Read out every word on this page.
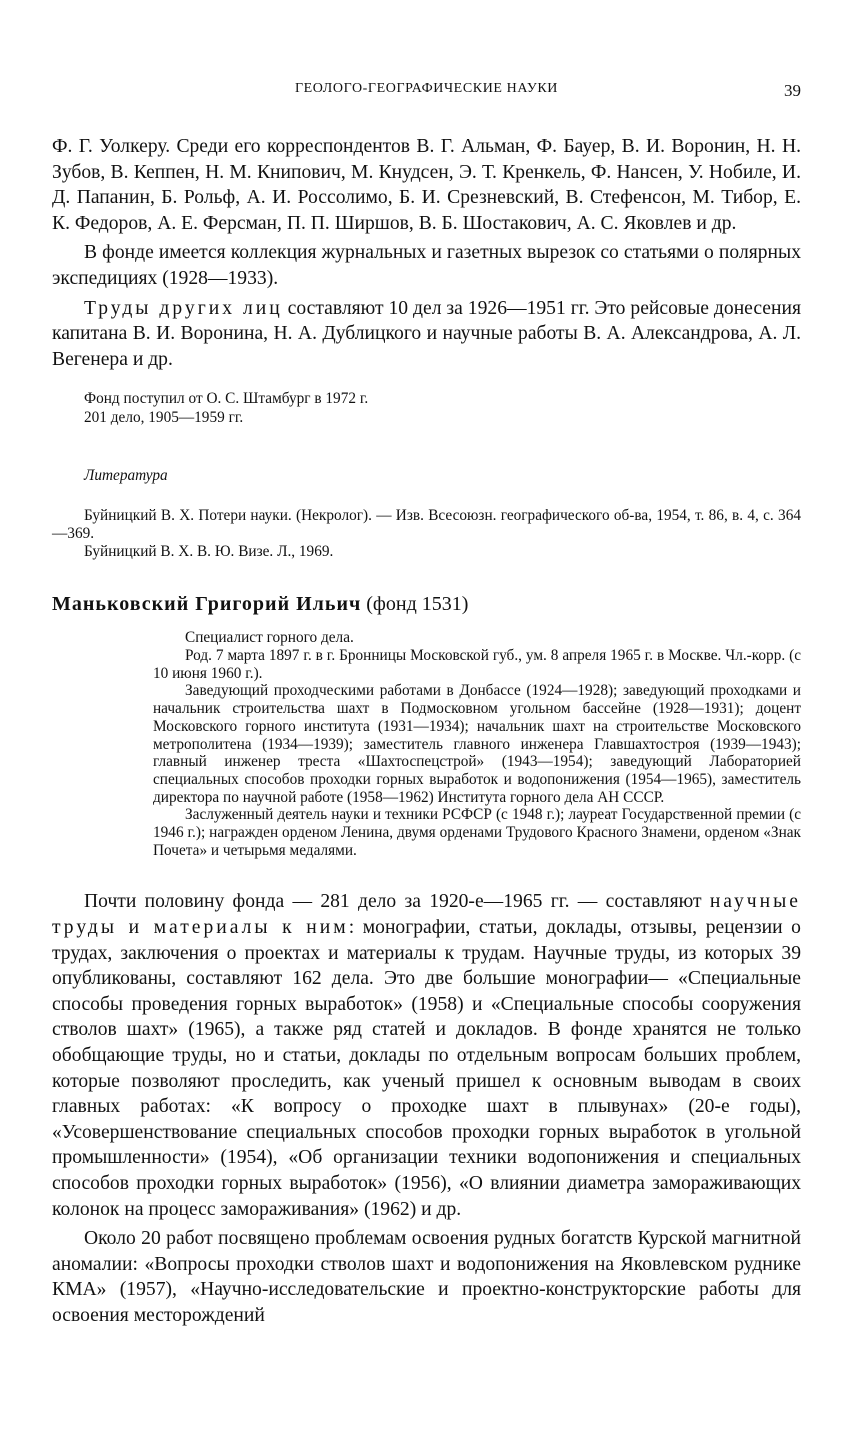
ГЕОЛОГО-ГЕОГРАФИЧЕСКИЕ НАУКИ	39

Ф. Г. Уолкеру. Среди его корреспондентов В. Г. Альман, Ф. Бауер, В. И. Воронин, Н. Н. Зубов, В. Кеппен, Н. М. Книпович, М. Кнудсен, Э. Т. Кренкель, Ф. Нансен, У. Нобиле, И. Д. Папанин, Б. Рольф, А. И. Россолимо, Б. И. Срезневский, В. Стефенсон, М. Тибор, Е. К. Федоров, А. Е. Ферсман, П. П. Ширшов, В. Б. Шостакович, А. С. Яковлев и др.

В фонде имеется коллекция журнальных и газетных вырезок со статьями о полярных экспедициях (1928—1933).

Труды других лиц составляют 10 дел за 1926—1951 гг. Это рейсовые донесения капитана В. И. Воронина, Н. А. Дублицкого и научные работы В. А. Александрова, А. Л. Вегенера и др.

Фонд поступил от О. С. Штамбург в 1972 г.

201 дело, 1905—1959 гг.

Литература

Буйницкий В. Х. Потери науки. (Некролог). — Изв. Всесоюзн. географического об-ва, 1954, т. 86, в. 4, с. 364—369.

Буйницкий В. Х. В. Ю. Визе. Л., 1969.

Маньковский Григорий Ильич (фонд 1531)

Специалист горного дела.

Род. 7 марта 1897 г. в г. Бронницы Московской губ., ум. 8 апреля 1965 г. в Москве. Чл.-корр. (с 10 июня 1960 г.).

Заведующий проходческими работами в Донбассе (1924—1928); заведующий проходками и начальник строительства шахт в Подмосковном угольном бассейне (1928—1931); доцент Московского горного института (1931—1934); начальник шахт на строительстве Московского метрополитена (1934—1939); заместитель главного инженера Главшахтостроя (1939—1943); главный инженер треста «Шахтоспецстрой» (1943—1954); заведующий Лабораторией специальных способов проходки горных выработок и водопонижения (1954—1965), заместитель директора по научной работе (1958—1962) Института горного дела АН СССР.

Заслуженный деятель науки и техники РСФСР (с 1948 г.); лауреат Государственной премии (с 1946 г.); награжден орденом Ленина, двумя орденами Трудового Красного Знамени, орденом «Знак Почета» и четырьмя медалями.

Почти половину фонда — 281 дело за 1920-е—1965 гг. — составляют научные труды и материалы к ним: монографии, статьи, доклады, отзывы, рецензии о трудах, заключения о проектах и материалы к трудам. Научные труды, из которых 39 опубликованы, составляют 162 дела. Это две большие монографии— «Специальные способы проведения горных выработок» (1958) и «Специальные способы сооружения стволов шахт» (1965), а также ряд статей и докладов. В фонде хранятся не только обобщающие труды, но и статьи, доклады по отдельным вопросам больших проблем, которые позволяют проследить, как ученый пришел к основным выводам в своих главных работах: «К вопросу о проходке шахт в плывунах» (20-е годы), «Усовершенствование специальных способов проходки горных выработок в угольной промышленности» (1954), «Об организации техники водопонижения и специальных способов проходки горных выработок» (1956), «О влиянии диаметра замораживающих колонок на процесс замораживания» (1962) и др.

Около 20 работ посвящено проблемам освоения рудных богатств Курской магнитной аномалии: «Вопросы проходки стволов шахт и водопонижения на Яковлевском руднике КМА» (1957), «Научно-исследовательские и проектно-конструкторские работы для освоения месторождений
